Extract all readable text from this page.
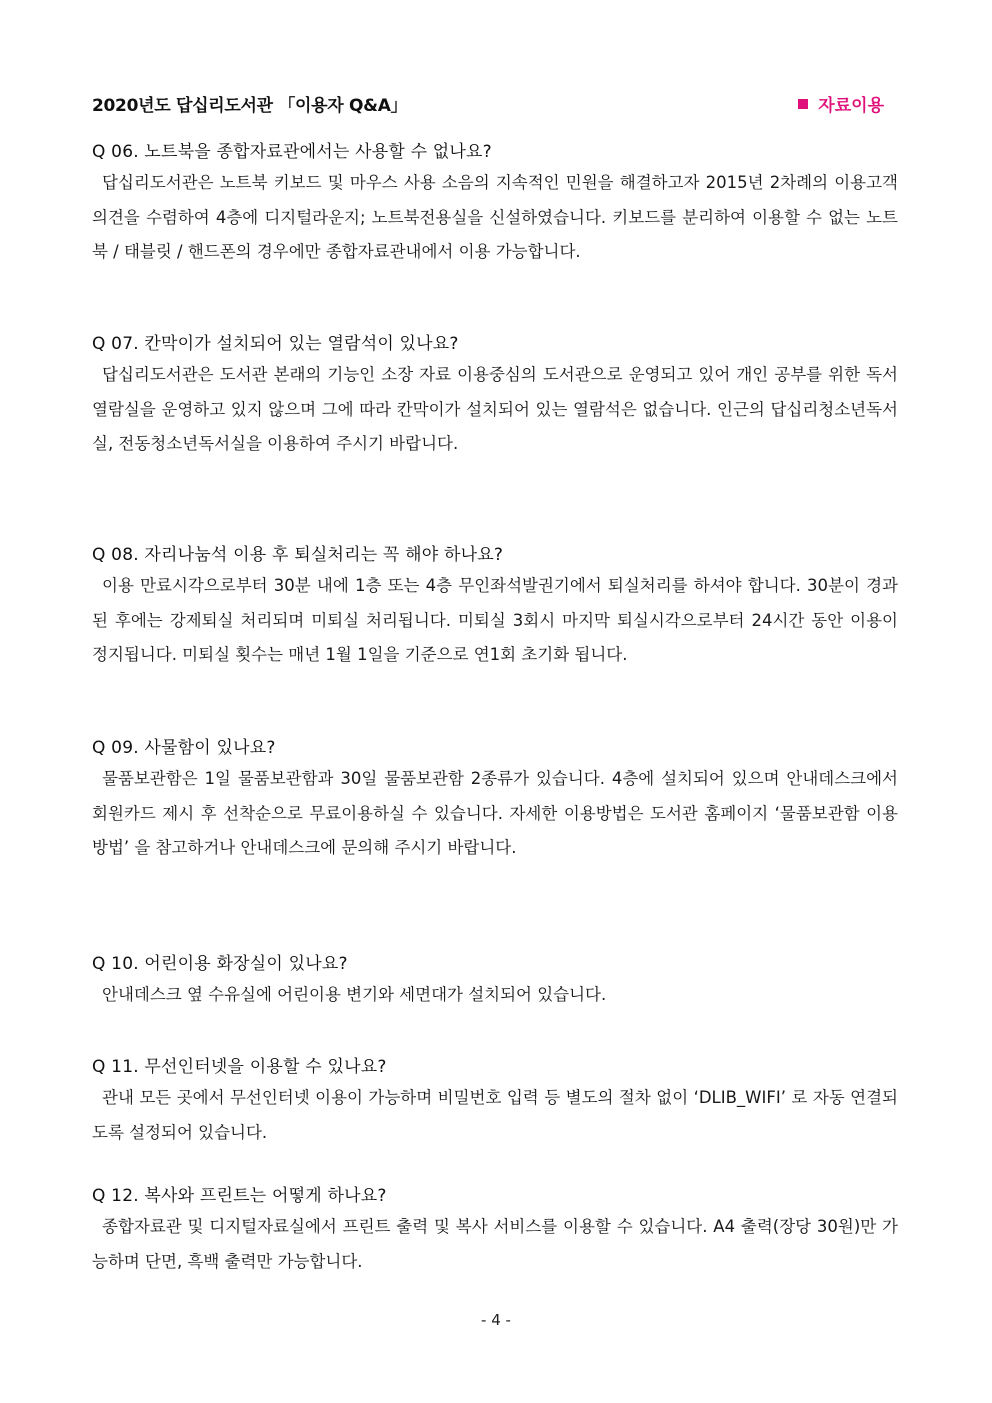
2020년도 답십리도서관 「이용자 Q&A」	자료이용
Q 06. 노트북을 종합자료관에서는 사용할 수 없나요?

답십리도서관은 노트북 키보드 및 마우스 사용 소음의 지속적인 민원을 해결하고자 2015년 2차례의 이용고객 의견을 수렴하여 4층에 디지털라운지; 노트북전용실을 신설하였습니다. 키보드를 분리하여 이용할 수 없는 노트북 / 태블릿 / 핸드폰의 경우에만 종합자료관내에서 이용 가능합니다.

Q 07. 칸막이가 설치되어 있는 열람석이 있나요?

답십리도서관은 도서관 본래의 기능인 소장 자료 이용중심의 도서관으로 운영되고 있어 개인 공부를 위한 독서열람실을 운영하고 있지 않으며 그에 따라 칸막이가 설치되어 있는 열람석은 없습니다. 인근의 답십리청소년독서실, 전동청소년독서실을 이용하여 주시기 바랍니다.

Q 08. 자리나눔석 이용 후 퇴실처리는 꼭 해야 하나요?

이용 만료시각으로부터 30분 내에 1층 또는 4층 무인좌석발권기에서 퇴실처리를 하셔야 합니다. 30분이 경과된 후에는 강제퇴실 처리되며 미퇴실 처리됩니다. 미퇴실 3회시 마지막 퇴실시각으로부터 24시간 동안 이용이 정지됩니다. 미퇴실 횟수는 매년 1월 1일을 기준으로 연1회 초기화 됩니다.

Q 09. 사물함이 있나요?

물품보관함은 1일 물품보관함과 30일 물품보관함 2종류가 있습니다. 4층에 설치되어 있으며 안내데스크에서 회원카드 제시 후 선착순으로 무료이용하실 수 있습니다. 자세한 이용방법은 도서관 홈페이지 ‘물품보관함 이용 방법’ 을 참고하거나 안내데스크에 문의해 주시기 바랍니다.

Q 10. 어린이용 화장실이 있나요?

안내데스크 옆 수유실에 어린이용 변기와 세면대가 설치되어 있습니다.

Q 11. 무선인터넷을 이용할 수 있나요?

관내 모든 곳에서 무선인터넷 이용이 가능하며 비밀번호 입력 등 별도의 절차 없이 ‘DLIB_WIFI’ 로 자동 연결되도록 설정되어 있습니다.

Q 12. 복사와 프린트는 어떻게 하나요?

종합자료관 및 디지털자료실에서 프린트 출력 및 복사 서비스를 이용할 수 있습니다. A4 출력(장당 30원)만 가능하며 단면, 흑백 출력만 가능합니다.

- 4 -
